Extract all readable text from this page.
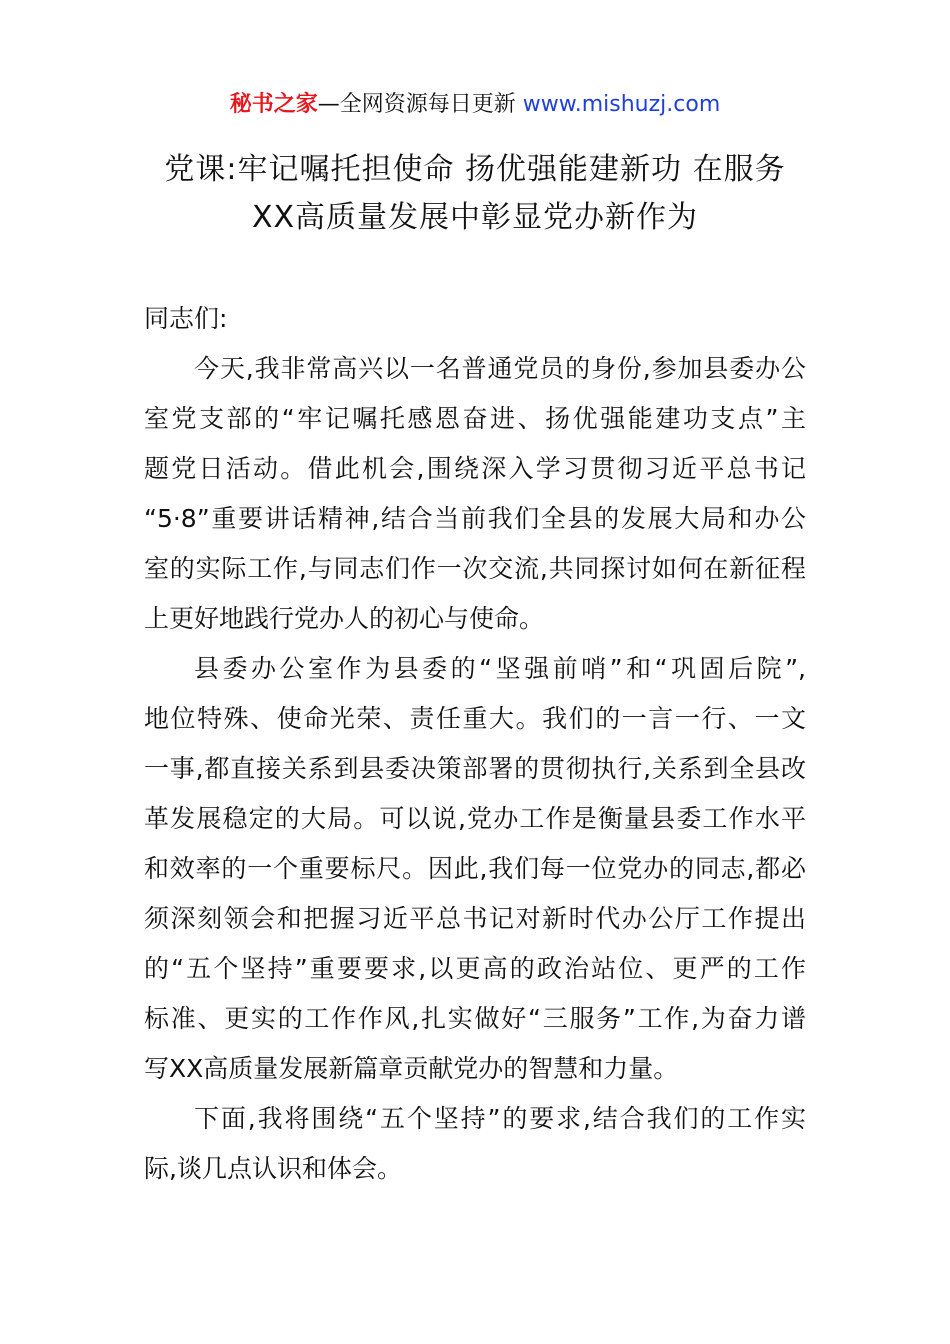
秘书之家—全网资源每日更新 www.mishuzj.com
党课:牢记嘱托担使命 扬优强能建新功 在服务
XX高质量发展中彰显党办新作为
同志们:
今天,我非常高兴以一名普通党员的身份,参加县委办公
室党支部的“牢记嘱托感恩奋进、扬优强能建功支点”主
题党日活动。借此机会,围绕深入学习贯彻习近平总书记
“5·8”重要讲话精神,结合当前我们全县的发展大局和办公
室的实际工作,与同志们作一次交流,共同探讨如何在新征程
上更好地践行党办人的初心与使命。
县委办公室作为县委的“坚强前哨”和“巩固后院”,
地位特殊、使命光荣、责任重大。我们的一言一行、一文
一事,都直接关系到县委决策部署的贯彻执行,关系到全县改
革发展稳定的大局。可以说,党办工作是衡量县委工作水平
和效率的一个重要标尺。因此,我们每一位党办的同志,都必
须深刻领会和把握习近平总书记对新时代办公厅工作提出
的“五个坚持”重要要求,以更高的政治站位、更严的工作
标准、更实的工作作风,扎实做好“三服务”工作,为奋力谱
写XX高质量发展新篇章贡献党办的智慧和力量。
下面,我将围绕“五个坚持”的要求,结合我们的工作实
际,谈几点认识和体会。
